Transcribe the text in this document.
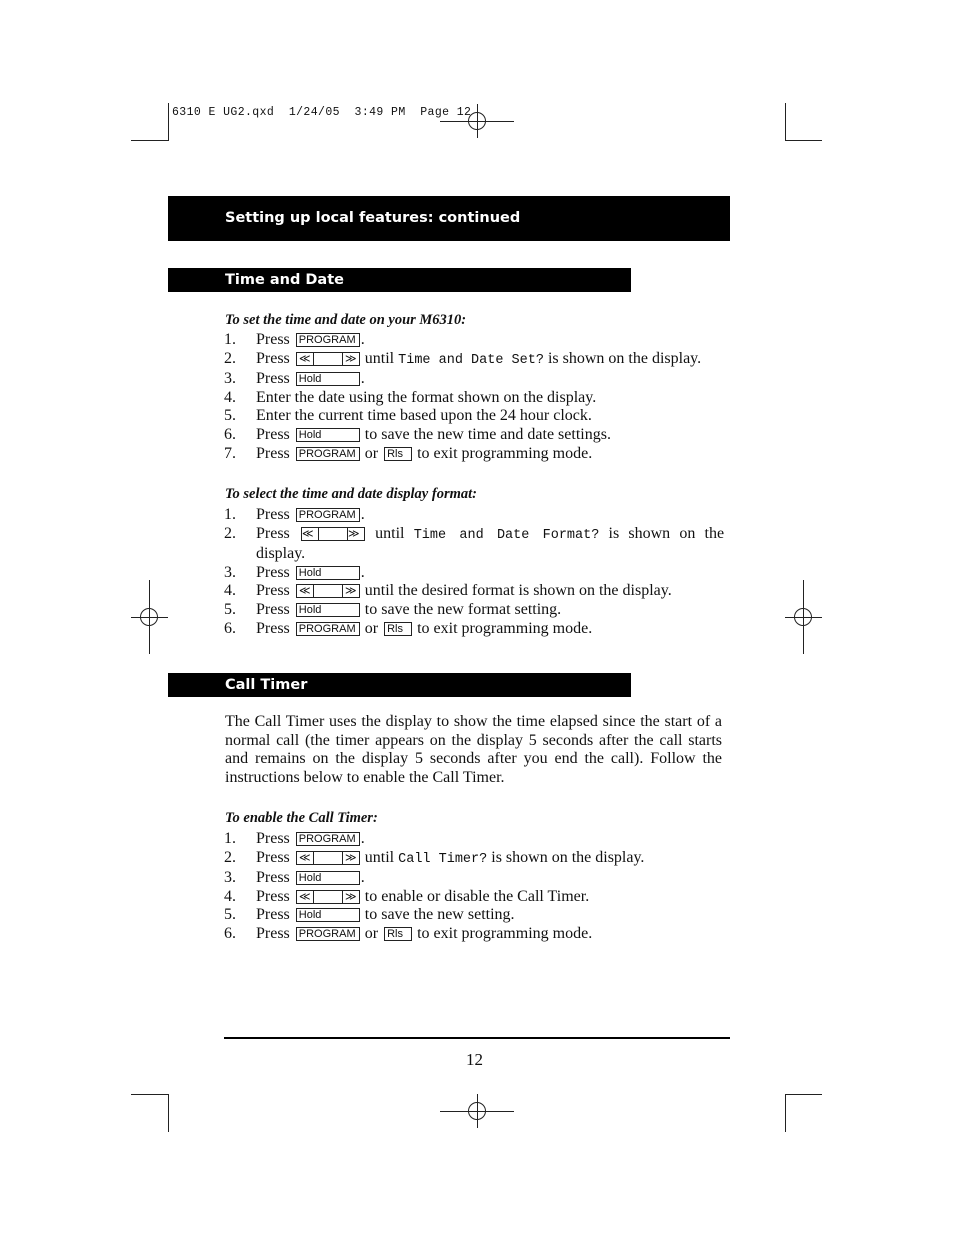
6310 E UG2.qxd  1/24/05  3:49 PM  Page 12
Setting up local features: continued
Time and Date
To set the time and date on your M6310:
1. Press PROGRAM .
2. Press ≪	≫ until Time and Date Set? is shown on the display.
3. Press Hold .
4. Enter the date using the format shown on the display.
5. Enter the current time based upon the 24 hour clock.
6. Press Hold	to save the new time and date settings.
7. Press PROGRAM or Rls to exit programming mode.
To select the time and date display format:
1. Press PROGRAM .
2. Press ≪	≫ until Time and Date Format? is shown on the display.
3. Press Hold .
4. Press ≪	≫ until the desired format is shown on the display.
5. Press Hold	to save the new format setting.
6. Press PROGRAM or Rls to exit programming mode.
Call Timer

The Call Timer uses the display to show the time elapsed since the start of a normal call (the timer appears on the display 5 seconds after the call starts and remains on the display 5 seconds after you end the call). Follow the instructions below to enable the Call Timer.

To enable the Call Timer:
1. Press PROGRAM .
2. Press ≪	≫ until Call Timer? is shown on the display.
3. Press Hold .
4. Press ≪	≫ to enable or disable the Call Timer.
5. Press Hold	to save the new setting.
6. Press PROGRAM or Rls to exit programming mode.
12
